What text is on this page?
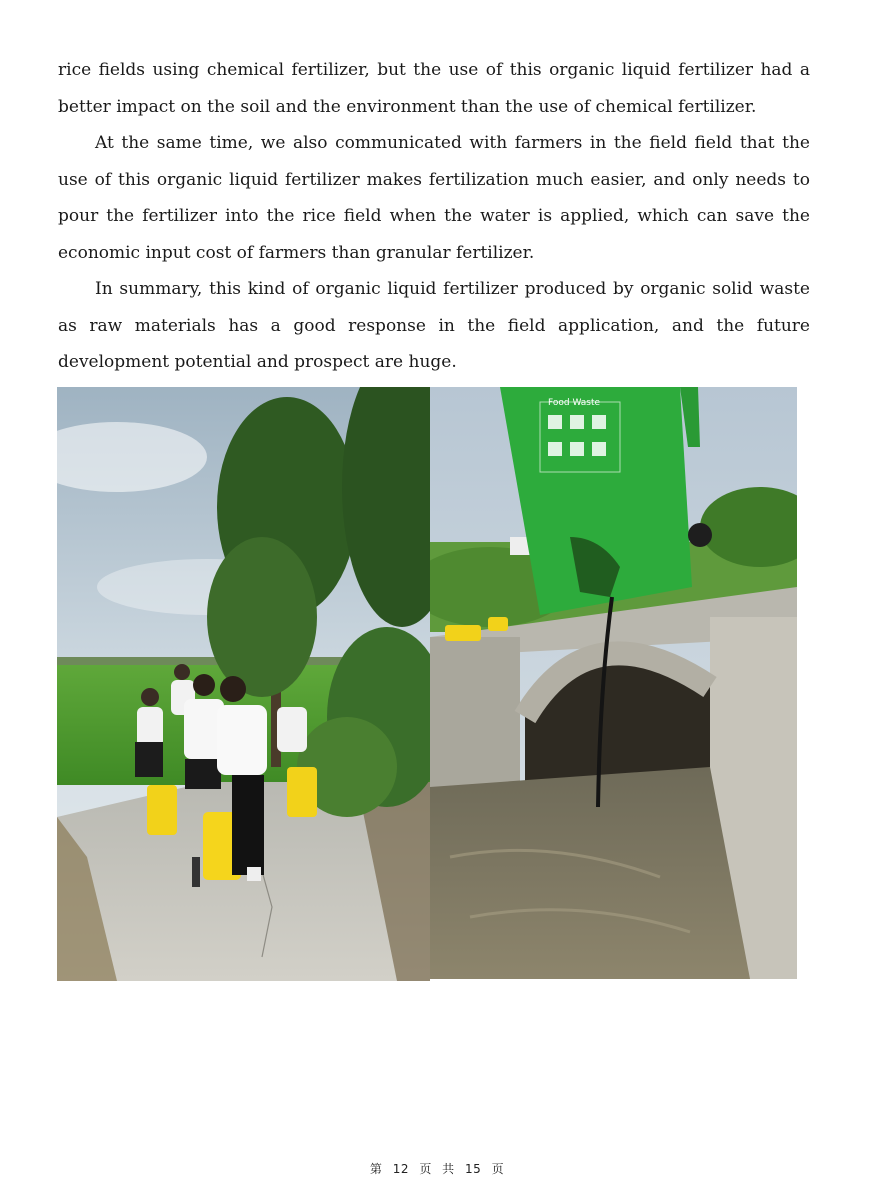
rice fields using chemical fertilizer, but the use of this organic liquid fertilizer had a better impact on the soil and the environment than the use of chemical fertilizer.

At the same time, we also communicated with farmers in the field field that the use of this organic liquid fertilizer makes fertilization much easier, and only needs to pour the fertilizer into the rice field when the water is applied, which can save the economic input cost of farmers than granular fertilizer.

In summary, this kind of organic liquid fertilizer produced by organic solid waste as raw materials has a good response in the field application, and the future development potential and prospect are huge.

Food Waste
第 12 页 共 15 页
